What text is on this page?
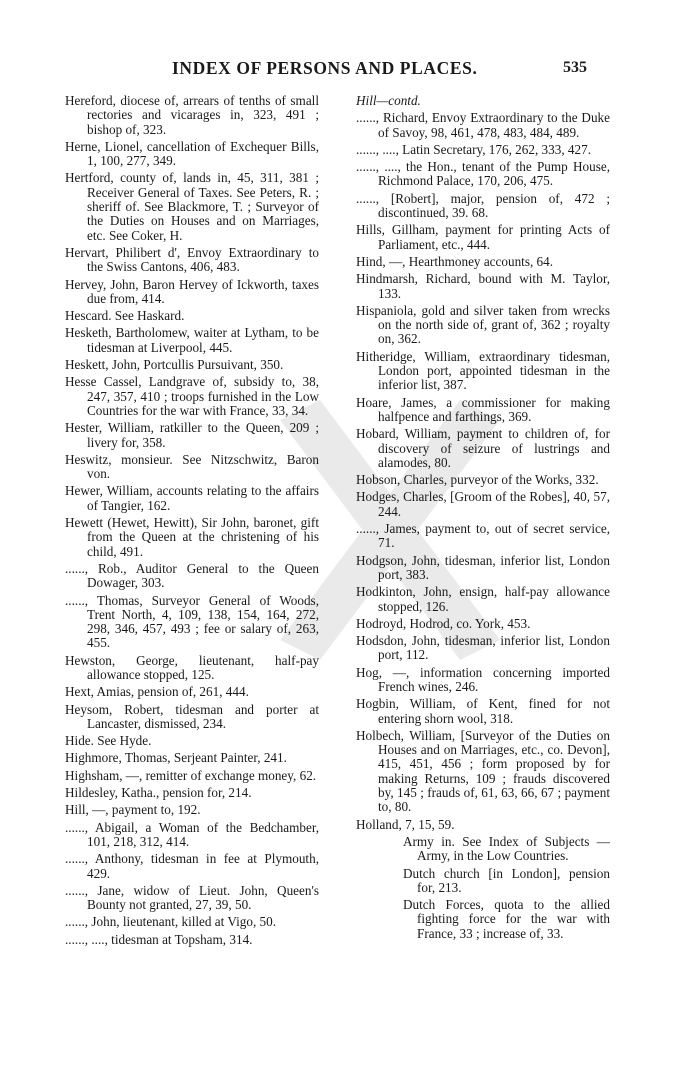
INDEX OF PERSONS AND PLACES.	535

Hereford, diocese of, arrears of tenths of small rectories and vicarages in, 323, 491 ; bishop of, 323.

Herne, Lionel, cancellation of Exchequer Bills, 1, 100, 277, 349.

Hertford, county of, lands in, 45, 311, 381 ; Receiver General of Taxes. See Peters, R. ; sheriff of. See Blackmore, T. ; Surveyor of the Duties on Houses and on Marriages, etc. See Coker, H.

Hervart, Philibert d', Envoy Extraordinary to the Swiss Cantons, 406, 483.

Hervey, John, Baron Hervey of Ickworth, taxes due from, 414.

Hescard. See Haskard.

Hesketh, Bartholomew, waiter at Lytham, to be tidesman at Liverpool, 445.

Heskett, John, Portcullis Pursuivant, 350.

Hesse Cassel, Landgrave of, subsidy to, 38, 247, 357, 410 ; troops furnished in the Low Countries for the war with France, 33, 34.

Hester, William, ratkiller to the Queen, 209 ; livery for, 358.

Heswitz, monsieur. See Nitzschwitz, Baron von.

Hewer, William, accounts relating to the affairs of Tangier, 162.

Hewett (Hewet, Hewitt), Sir John, baronet, gift from the Queen at the christening of his child, 491.

......, Rob., Auditor General to the Queen Dowager, 303.

......, Thomas, Surveyor General of Woods, Trent North, 4, 109, 138, 154, 164, 272, 298, 346, 457, 493 ; fee or salary of, 263, 455.

Hewston, George, lieutenant, half-pay allowance stopped, 125.

Hext, Amias, pension of, 261, 444.

Heysom, Robert, tidesman and porter at Lancaster, dismissed, 234.

Hide. See Hyde.

Highmore, Thomas, Serjeant Painter, 241.

Highsham, —, remitter of exchange money, 62.

Hildesley, Katha., pension for, 214.

Hill, —, payment to, 192.

......, Abigail, a Woman of the Bedchamber, 101, 218, 312, 414.

......, Anthony, tidesman in fee at Plymouth, 429.

......, Jane, widow of Lieut. John, Queen's Bounty not granted, 27, 39, 50.

......, John, lieutenant, killed at Vigo, 50.

......, ...., tidesman at Topsham, 314.

Hill—contd.

......, Richard, Envoy Extraordinary to the Duke of Savoy, 98, 461, 478, 483, 484, 489.

......, ...., Latin Secretary, 176, 262, 333, 427.

......, ...., the Hon., tenant of the Pump House, Richmond Palace, 170, 206, 475.

......, [Robert], major, pension of, 472 ; discontinued, 39. 68.

Hills, Gillham, payment for printing Acts of Parliament, etc., 444.

Hind, —, Hearthmoney accounts, 64.

Hindmarsh, Richard, bound with M. Taylor, 133.

Hispaniola, gold and silver taken from wrecks on the north side of, grant of, 362 ; royalty on, 362.

Hitheridge, William, extraordinary tidesman, London port, appointed tidesman in the inferior list, 387.

Hoare, James, a commissioner for making halfpence and farthings, 369.

Hobard, William, payment to children of, for discovery of seizure of lustrings and alamodes, 80.

Hobson, Charles, purveyor of the Works, 332.

Hodges, Charles, [Groom of the Robes], 40, 57, 244.

......, James, payment to, out of secret service, 71.

Hodgson, John, tidesman, inferior list, London port, 383.

Hodkinton, John, ensign, half-pay allowance stopped, 126.

Hodroyd, Hodrod, co. York, 453.

Hodsdon, John, tidesman, inferior list, London port, 112.

Hog, —, information concerning imported French wines, 246.

Hogbin, William, of Kent, fined for not entering shorn wool, 318.

Holbech, William, [Surveyor of the Duties on Houses and on Marriages, etc., co. Devon], 415, 451, 456 ; form proposed by for making Returns, 109 ; frauds discovered by, 145 ; frauds of, 61, 63, 66, 67 ; payment to, 80.

Holland, 7, 15, 59.

Army in. See Index of Subjects —Army, in the Low Countries.

Dutch church [in London], pension for, 213.

Dutch Forces, quota to the allied fighting force for the war with France, 33 ; increase of, 33.
